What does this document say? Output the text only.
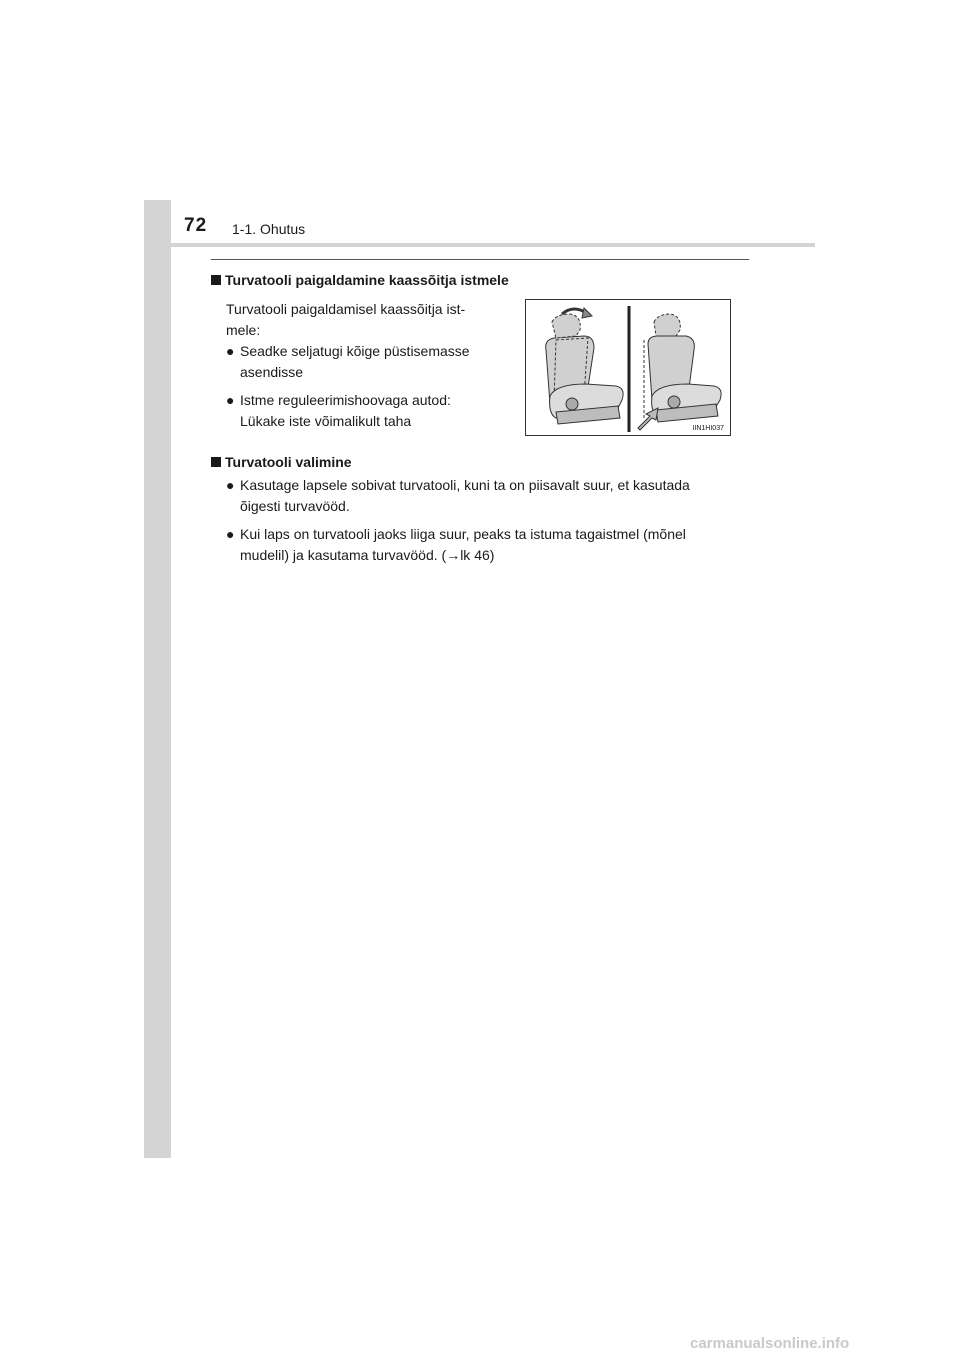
72 1-1. Ohutus
Turvatooli paigaldamine kaassõitja istmele
Turvatooli paigaldamisel kaassõitja ist-
mele:
● Seadke seljatugi kõige püstisemasse
asendisse
● Istme reguleerimishoovaga autod:
Lükake iste võimalikult taha	IIN1HI037
Turvatooli valimine
● Kasutage lapsele sobivat turvatooli, kuni ta on piisavalt suur, et kasutada
õigesti turvavööd.
● Kui laps on turvatooli jaoks liiga suur, peaks ta istuma tagaistmel (mõnel
mudelil) ja kasutama turvavööd. (→lk 46)
carmanualsonline.info
